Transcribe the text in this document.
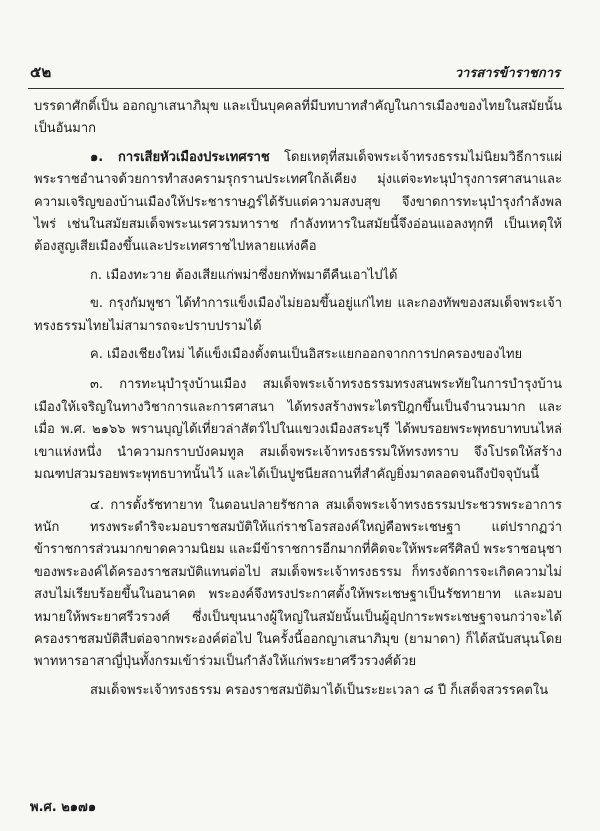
๕๒	วารสารข้าราชการ

บรรดาศักดิ์เป็น ออกญาเสนาภิมุข และเป็นบุคคลที่มีบทบาทสำคัญในการเมืองของไทยในสมัยนั้นเป็นอันมาก

๑. การเสียหัวเมืองประเทศราช โดยเหตุที่สมเด็จพระเจ้าทรงธรรมไม่นิยมวิธีการแผ่พระราชอำนาจด้วยการทำสงครามรุกรานประเทศใกล้เคียง มุ่งแต่จะทะนุบำรุงการศาสนาและความเจริญของบ้านเมืองให้ประชาราษฎร์ได้รับแต่ความสงบสุข จึงขาดการทะนุบำรุงกำลังพลไพร่ เช่นในสมัยสมเด็จพระนเรศวรมหาราช กำลังทหารในสมัยนี้จึงอ่อนแอลงทุกที เป็นเหตุให้ต้องสูญเสียเมืองขึ้นและประเทศราชไปหลายแห่งคือ

ก. เมืองทะวาย ต้องเสียแก่พม่าซึ่งยกทัพมาตีคืนเอาไปได้

ข. กรุงกัมพูชา ได้ทำการแข็งเมืองไม่ยอมขึ้นอยู่แก่ไทย และกองทัพของสมเด็จพระเจ้าทรงธรรมไทยไม่สามารถจะปราบปรามได้

ค. เมืองเชียงใหม่ ได้แข็งเมืองตั้งตนเป็นอิสระแยกออกจากการปกครองของไทย

๓. การทะนุบำรุงบ้านเมือง สมเด็จพระเจ้าทรงธรรมทรงสนพระทัยในการบำรุงบ้านเมืองให้เจริญในทางวิชาการและการศาสนา ได้ทรงสร้างพระไตรปิฎกขึ้นเป็นจำนวนมาก และเมื่อ พ.ศ. ๒๑๖๖ พรานบุญได้เที่ยวล่าสัตว์ไปในแขวงเมืองสระบุรี ได้พบรอยพระพุทธบาทบนไหล่เขาแห่งหนึ่ง นำความกราบบังคมทูล สมเด็จพระเจ้าทรงธรรมให้ทรงทราบ จึงโปรดให้สร้างมณฑปสวมรอยพระพุทธบาทนั้นไว้ และได้เป็นปูชนียสถานที่สำคัญยิ่งมาตลอดจนถึงปัจจุบันนี้

๔. การตั้งรัชทายาท ในตอนปลายรัชกาล สมเด็จพระเจ้าทรงธรรมประชวรพระอาการหนัก ทรงพระดำริจะมอบราชสมบัติให้แก่ราชโอรสองค์ใหญ่คือพระเชษฐา แต่ปรากฏว่าข้าราชการส่วนมากขาดความนิยม และมีข้าราชการอีกมากที่คิดจะให้พระศรีศิลป์ พระราชอนุชาของพระองค์ได้ครองราชสมบัติแทนต่อไป สมเด็จพระเจ้าทรงธรรม ก็ทรงจัดการจะเกิดความไม่สงบไม่เรียบร้อยขึ้นในอนาคต พระองค์จึงทรงประกาศตั้งให้พระเชษฐาเป็นรัชทายาท และมอบหมายให้พระยาศรีวรวงศ์ ซึ่งเป็นขุนนางผู้ใหญ่ในสมัยนั้นเป็นผู้อุปการะพระเชษฐาจนกว่าจะได้ครองราชสมบัติสืบต่อจากพระองค์ต่อไป ในครั้งนี้ออกญาเสนาภิมุข (ยามาดา) ก็ได้สนับสนุนโดยพาทหารอาสาญี่ปุ่นทั้งกรมเข้าร่วมเป็นกำลังให้แก่พระยาศรีวรวงศ์ด้วย

สมเด็จพระเจ้าทรงธรรม ครองราชสมบัติมาได้เป็นระยะเวลา ๘ ปี ก็เสด็จสวรรคตใน

พ.ศ. ๒๑๗๑
